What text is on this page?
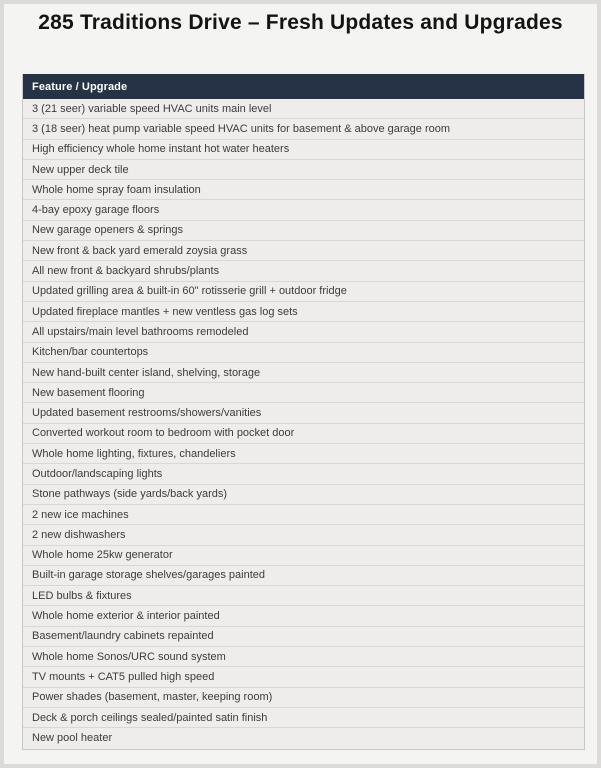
285 Traditions Drive – Fresh Updates and Upgrades
Feature / Upgrade
3 (21 seer) variable speed HVAC units main level
3 (18 seer) heat pump variable speed HVAC units for basement & above garage room
High efficiency whole home instant hot water heaters
New upper deck tile
Whole home spray foam insulation
4-bay epoxy garage floors
New garage openers & springs
New front & back yard emerald zoysia grass
All new front & backyard shrubs/plants
Updated grilling area & built-in 60" rotisserie grill + outdoor fridge
Updated fireplace mantles + new ventless gas log sets
All upstairs/main level bathrooms remodeled
Kitchen/bar countertops
New hand-built center island, shelving, storage
New basement flooring
Updated basement restrooms/showers/vanities
Converted workout room to bedroom with pocket door
Whole home lighting, fixtures, chandeliers
Outdoor/landscaping lights
Stone pathways (side yards/back yards)
2 new ice machines
2 new dishwashers
Whole home 25kw generator
Built-in garage storage shelves/garages painted
LED bulbs & fixtures
Whole home exterior & interior painted
Basement/laundry cabinets repainted
Whole home Sonos/URC sound system
TV mounts + CAT5 pulled high speed
Power shades (basement, master, keeping room)
Deck & porch ceilings sealed/painted satin finish
New pool heater
